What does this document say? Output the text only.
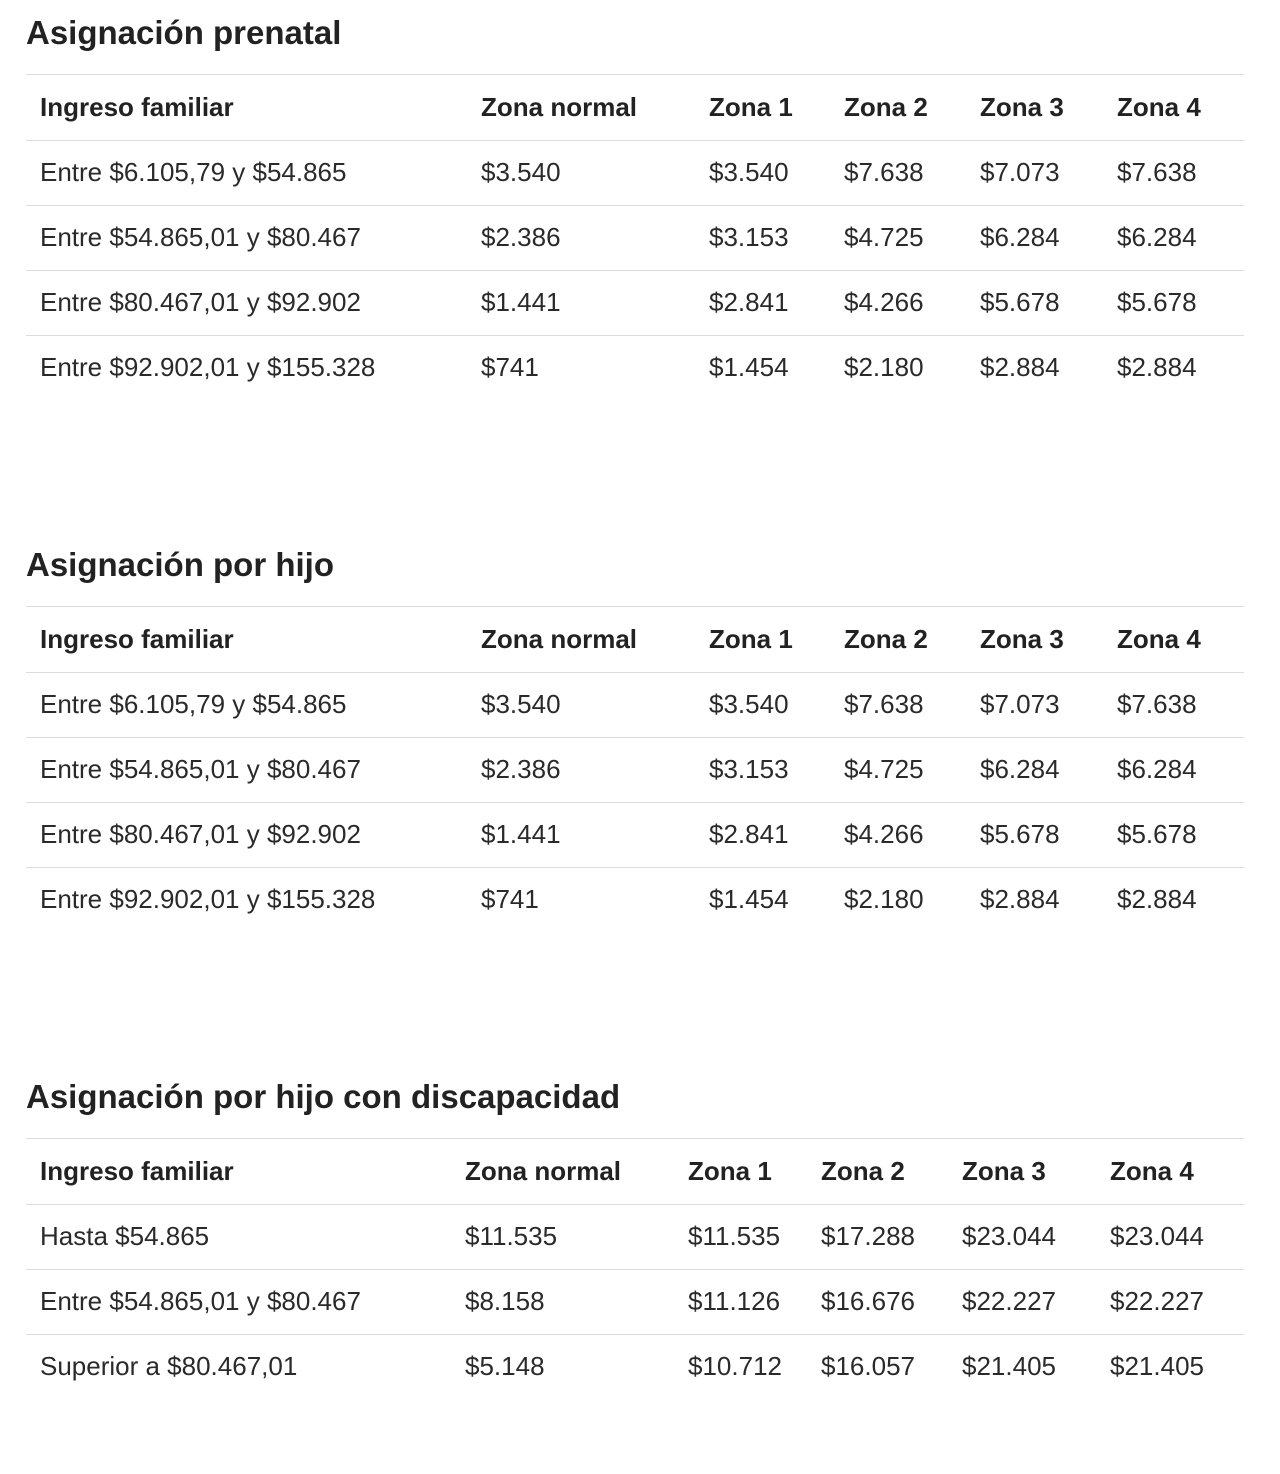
Asignación prenatal
Ingreso familiar	Zona normal	Zona 1	Zona 2	Zona 3	Zona 4
Entre $6.105,79 y $54.865	$3.540	$3.540	$7.638	$7.073	$7.638
Entre $54.865,01 y $80.467	$2.386	$3.153	$4.725	$6.284	$6.284
Entre $80.467,01 y $92.902	$1.441	$2.841	$4.266	$5.678	$5.678
Entre $92.902,01 y $155.328	$741	$1.454	$2.180	$2.884	$2.884
Asignación por hijo
Ingreso familiar	Zona normal	Zona 1	Zona 2	Zona 3	Zona 4
Entre $6.105,79 y $54.865	$3.540	$3.540	$7.638	$7.073	$7.638
Entre $54.865,01 y $80.467	$2.386	$3.153	$4.725	$6.284	$6.284
Entre $80.467,01 y $92.902	$1.441	$2.841	$4.266	$5.678	$5.678
Entre $92.902,01 y $155.328	$741	$1.454	$2.180	$2.884	$2.884
Asignación por hijo con discapacidad
Ingreso familiar	Zona normal	Zona 1	Zona 2	Zona 3	Zona 4
Hasta $54.865	$11.535	$11.535	$17.288	$23.044	$23.044
Entre $54.865,01 y $80.467	$8.158	$11.126	$16.676	$22.227	$22.227
Superior a $80.467,01	$5.148	$10.712	$16.057	$21.405	$21.405
